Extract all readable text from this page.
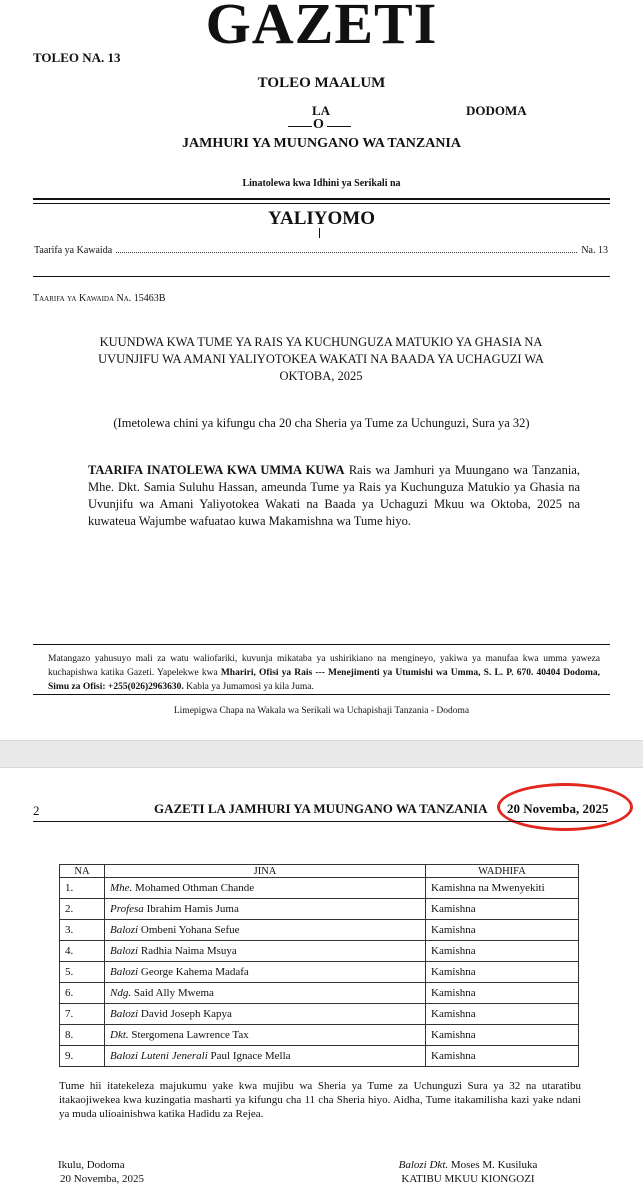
GAZETI
TOLEO NA. 13
TOLEO MAALUM
LA	DODOMA
O
JAMHURI YA MUUNGANO WA TANZANIA
Linatolewa kwa Idhini ya Serikali na
YALIYOMO
Taarifa ya Kawaida	Na. 13
Taarifa ya Kawaida Na. 15463B
KUUNDWA KWA TUME YA RAIS YA KUCHUNGUZA MATUKIO YA GHASIA NA UVUNJIFU WA AMANI YALIYOTOKEA WAKATI NA BAADA YA UCHAGUZI WA OKTOBA, 2025
(Imetolewa chini ya kifungu cha 20 cha Sheria ya Tume za Uchunguzi, Sura ya 32)
TAARIFA INATOLEWA KWA UMMA KUWA Rais wa Jamhuri ya Muungano wa Tanzania, Mhe. Dkt. Samia Suluhu Hassan, ameunda Tume ya Rais ya Kuchunguza Matukio ya Ghasia na Uvunjifu wa Amani Yaliyotokea Wakati na Baada ya Uchaguzi Mkuu wa Oktoba, 2025 na kuwateua Wajumbe wafuatao kuwa Makamishna wa Tume hiyo.
Matangazo yahusuyo mali za watu waliofariki, kuvunja mikataba ya ushirikiano na mengineyo, yakiwa ya manufaa kwa umma yaweza kuchapishwa katika Gazeti. Yapelekwe kwa Mhariri, Ofisi ya Rais --- Menejimenti ya Utumishi wa Umma, S. L. P. 670. 40404 Dodoma, Simu za Ofisi: +255(026)2963630. Kabla ya Jumamosi ya kila Juma.
Limepigwa Chapa na Wakala wa Serikali wa Uchapishaji Tanzania - Dodoma
2	GAZETI LA JAMHURI YA MUUNGANO WA TANZANIA 20 Novemba, 2025
NA	JINA	WADHIFA
1.	Mhe. Mohamed Othman Chande	Kamishna na Mwenyekiti
2.	Profesa Ibrahim Hamis Juma	Kamishna
3.	Balozi Ombeni Yohana Sefue	Kamishna
4.	Balozi Radhia Naima Msuya	Kamishna
5.	Balozi George Kahema Madafa	Kamishna
6.	Ndg. Said Ally Mwema	Kamishna
7.	Balozi David Joseph Kapya	Kamishna
8.	Dkt. Stergomena Lawrence Tax	Kamishna
9.	Balozi Luteni Jenerali Paul Ignace Mella	Kamishna
Tume hii itatekeleza majukumu yake kwa mujibu wa Sheria ya Tume za Uchunguzi Sura ya 32 na utaratibu itakaojiwekea kwa kuzingatia masharti ya kifungu cha 11 cha Sheria hiyo. Aidha, Tume itakamilisha kazi yake ndani ya muda ulioainishwa katika Hadidu za Rejea.
Ikulu, Dodoma
20 Novemba, 2025
Balozi Dkt. Moses M. Kusiluka
KATIBU MKUU KIONGOZI
